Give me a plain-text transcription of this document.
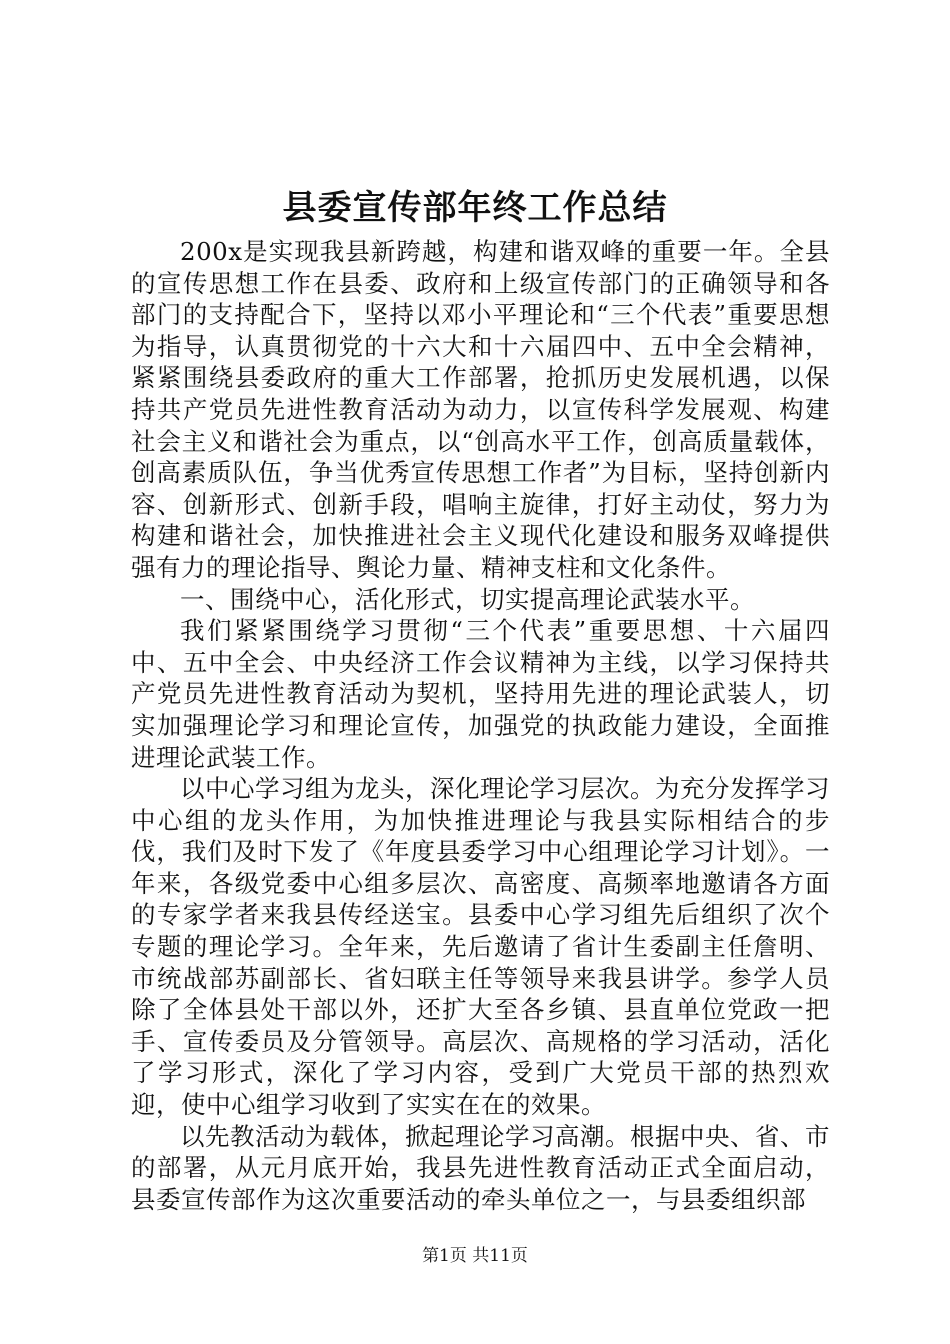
县委宣传部年终工作总结

200x是实现我县新跨越，构建和谐双峰的重要一年。全县的宣传思想工作在县委、政府和上级宣传部门的正确领导和各部门的支持配合下，坚持以邓小平理论和“三个代表”重要思想为指导，认真贯彻党的十六大和十六届四中、五中全会精神，紧紧围绕县委政府的重大工作部署，抢抓历史发展机遇，以保持共产党员先进性教育活动为动力，以宣传科学发展观、构建社会主义和谐社会为重点，以“创高水平工作，创高质量载体，创高素质队伍，争当优秀宣传思想工作者”为目标，坚持创新内容、创新形式、创新手段，唱响主旋律，打好主动仗，努力为构建和谐社会，加快推进社会主义现代化建设和服务双峰提供强有力的理论指导、舆论力量、精神支柱和文化条件。

一、围绕中心，活化形式，切实提高理论武装水平。

我们紧紧围绕学习贯彻“三个代表”重要思想、十六届四中、五中全会、中央经济工作会议精神为主线，以学习保持共产党员先进性教育活动为契机，坚持用先进的理论武装人，切实加强理论学习和理论宣传，加强党的执政能力建设，全面推进理论武装工作。

以中心学习组为龙头，深化理论学习层次。为充分发挥学习中心组的龙头作用，为加快推进理论与我县实际相结合的步伐，我们及时下发了《年度县委学习中心组理论学习计划》。一年来，各级党委中心组多层次、高密度、高频率地邀请各方面的专家学者来我县传经送宝。县委中心学习组先后组织了次个专题的理论学习。全年来，先后邀请了省计生委副主任詹明、市统战部苏副部长、省妇联主任等领导来我县讲学。参学人员除了全体县处干部以外，还扩大至各乡镇、县直单位党政一把手、宣传委员及分管领导。高层次、高规格的学习活动，活化了学习形式，深化了学习内容，受到广大党员干部的热烈欢迎，使中心组学习收到了实实在在的效果。

以先教活动为载体，掀起理论学习高潮。根据中央、省、市的部署，从元月底开始，我县先进性教育活动正式全面启动，县委宣传部作为这次重要活动的牵头单位之一，与县委组织部

第1页 共11页
